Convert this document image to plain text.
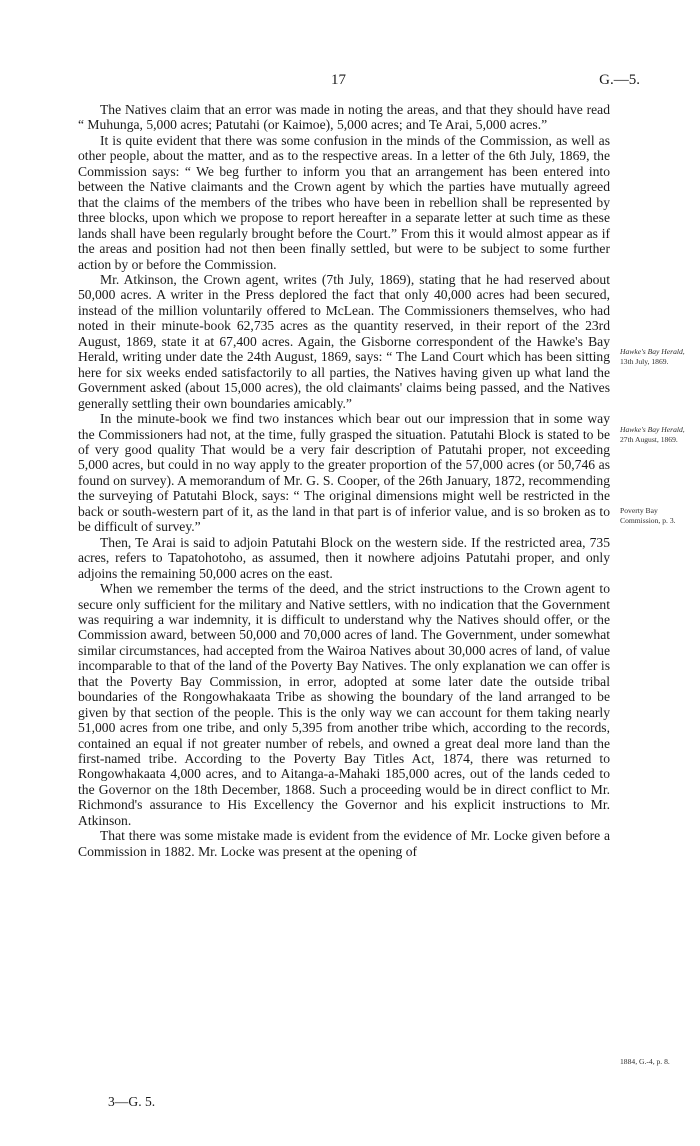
17	G.—5.

The Natives claim that an error was made in noting the areas, and that they should have read “ Muhunga, 5,000 acres; Patutahi (or Kaimoe), 5,000 acres; and Te Arai, 5,000 acres.”

It is quite evident that there was some confusion in the minds of the Commission, as well as other people, about the matter, and as to the respective areas. In a letter of the 6th July, 1869, the Commission says: “ We beg further to inform you that an arrangement has been entered into between the Native claimants and the Crown agent by which the parties have mutually agreed that the claims of the members of the tribes who have been in rebellion shall be represented by three blocks, upon which we propose to report hereafter in a separate letter at such time as these lands shall have been regularly brought before the Court.” From this it would almost appear as if the areas and position had not then been finally settled, but were to be subject to some further action by or before the Commission.

Mr. Atkinson, the Crown agent, writes (7th July, 1869), stating that he had reserved about 50,000 acres. A writer in the Press deplored the fact that only 40,000 acres had been secured, instead of the million voluntarily offered to McLean. The Commissioners themselves, who had noted in their minute-book 62,735 acres as the quantity reserved, in their report of the 23rd August, 1869, state it at 67,400 acres. Again, the Gisborne correspondent of the Hawke's Bay Herald, writing under date the 24th August, 1869, says: “ The Land Court which has been sitting here for six weeks ended satisfactorily to all parties, the Natives having given up what land the Government asked (about 15,000 acres), the old claimants' claims being passed, and the Natives generally settling their own boundaries amicably.”

In the minute-book we find two instances which bear out our impression that in some way the Commissioners had not, at the time, fully grasped the situation. Patutahi Block is stated to be of very good quality That would be a very fair description of Patutahi proper, not exceeding 5,000 acres, but could in no way apply to the greater proportion of the 57,000 acres (or 50,746 as found on survey). A memorandum of Mr. G. S. Cooper, of the 26th January, 1872, recommending the surveying of Patutahi Block, says: “ The original dimensions might well be restricted in the back or south-western part of it, as the land in that part is of inferior value, and is so broken as to be difficult of survey.”

Then, Te Arai is said to adjoin Patutahi Block on the western side. If the restricted area, 735 acres, refers to Tapatohotoho, as assumed, then it nowhere adjoins Patutahi proper, and only adjoins the remaining 50,000 acres on the east.

When we remember the terms of the deed, and the strict instructions to the Crown agent to secure only sufficient for the military and Native settlers, with no indication that the Government was requiring a war indemnity, it is difficult to understand why the Natives should offer, or the Commission award, between 50,000 and 70,000 acres of land. The Government, under somewhat similar circumstances, had accepted from the Wairoa Natives about 30,000 acres of land, of value incomparable to that of the land of the Poverty Bay Natives. The only explanation we can offer is that the Poverty Bay Commission, in error, adopted at some later date the outside tribal boundaries of the Rongowhakaata Tribe as showing the boundary of the land arranged to be given by that section of the people. This is the only way we can account for them taking nearly 51,000 acres from one tribe, and only 5,395 from another tribe which, according to the records, contained an equal if not greater number of rebels, and owned a great deal more land than the first-named tribe. According to the Poverty Bay Titles Act, 1874, there was returned to Rongowhakaata 4,000 acres, and to Aitanga-a-Mahaki 185,000 acres, out of the lands ceded to the Governor on the 18th December, 1868. Such a proceeding would be in direct conflict to Mr. Richmond's assurance to His Excellency the Governor and his explicit instructions to Mr. Atkinson.

That there was some mistake made is evident from the evidence of Mr. Locke given before a Commission in 1882. Mr. Locke was present at the opening of

Hawke's Bay Herald, 13th July, 1869.
Hawke's Bay Herald, 27th August, 1869.
Poverty Bay Commission, p. 3.
1884, G.-4, p. 8.
3—G. 5.
